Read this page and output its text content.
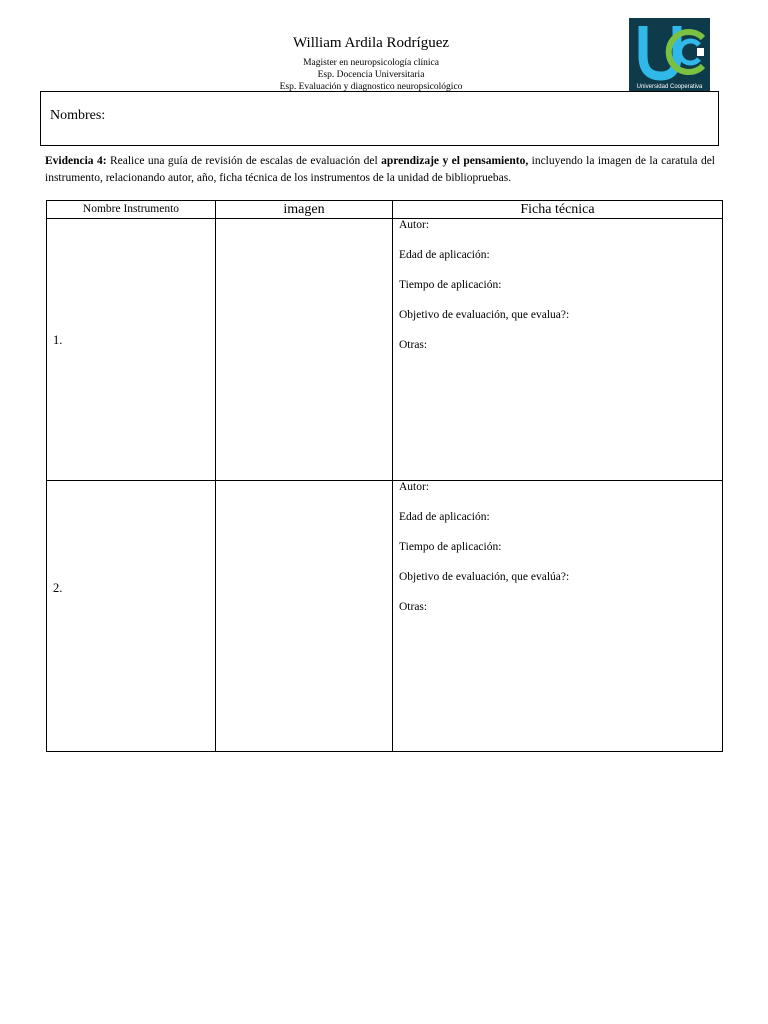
William Ardila Rodríguez
Magister en neuropsicología clínica
Esp. Docencia Universitaria
Esp. Evaluación y diagnostico neuropsicológico	Universidad Cooperativa
Nombres:
Evidencia 4: Realice una guía de revisión de escalas de evaluación del aprendizaje y el pensamiento, incluyendo la imagen de la caratula del instrumento, relacionando autor, año, ficha técnica de los instrumentos de la unidad de bibliopruebas.
Nombre Instrumento	imagen	Ficha técnica

1.		Autor:
Edad de aplicación:
Tiempo de aplicación:
Objetivo de evaluación, que evalua?:
Otras:

2.		Autor:
Edad de aplicación:
Tiempo de aplicación:
Objetivo de evaluación, que evalúa?:
Otras:
